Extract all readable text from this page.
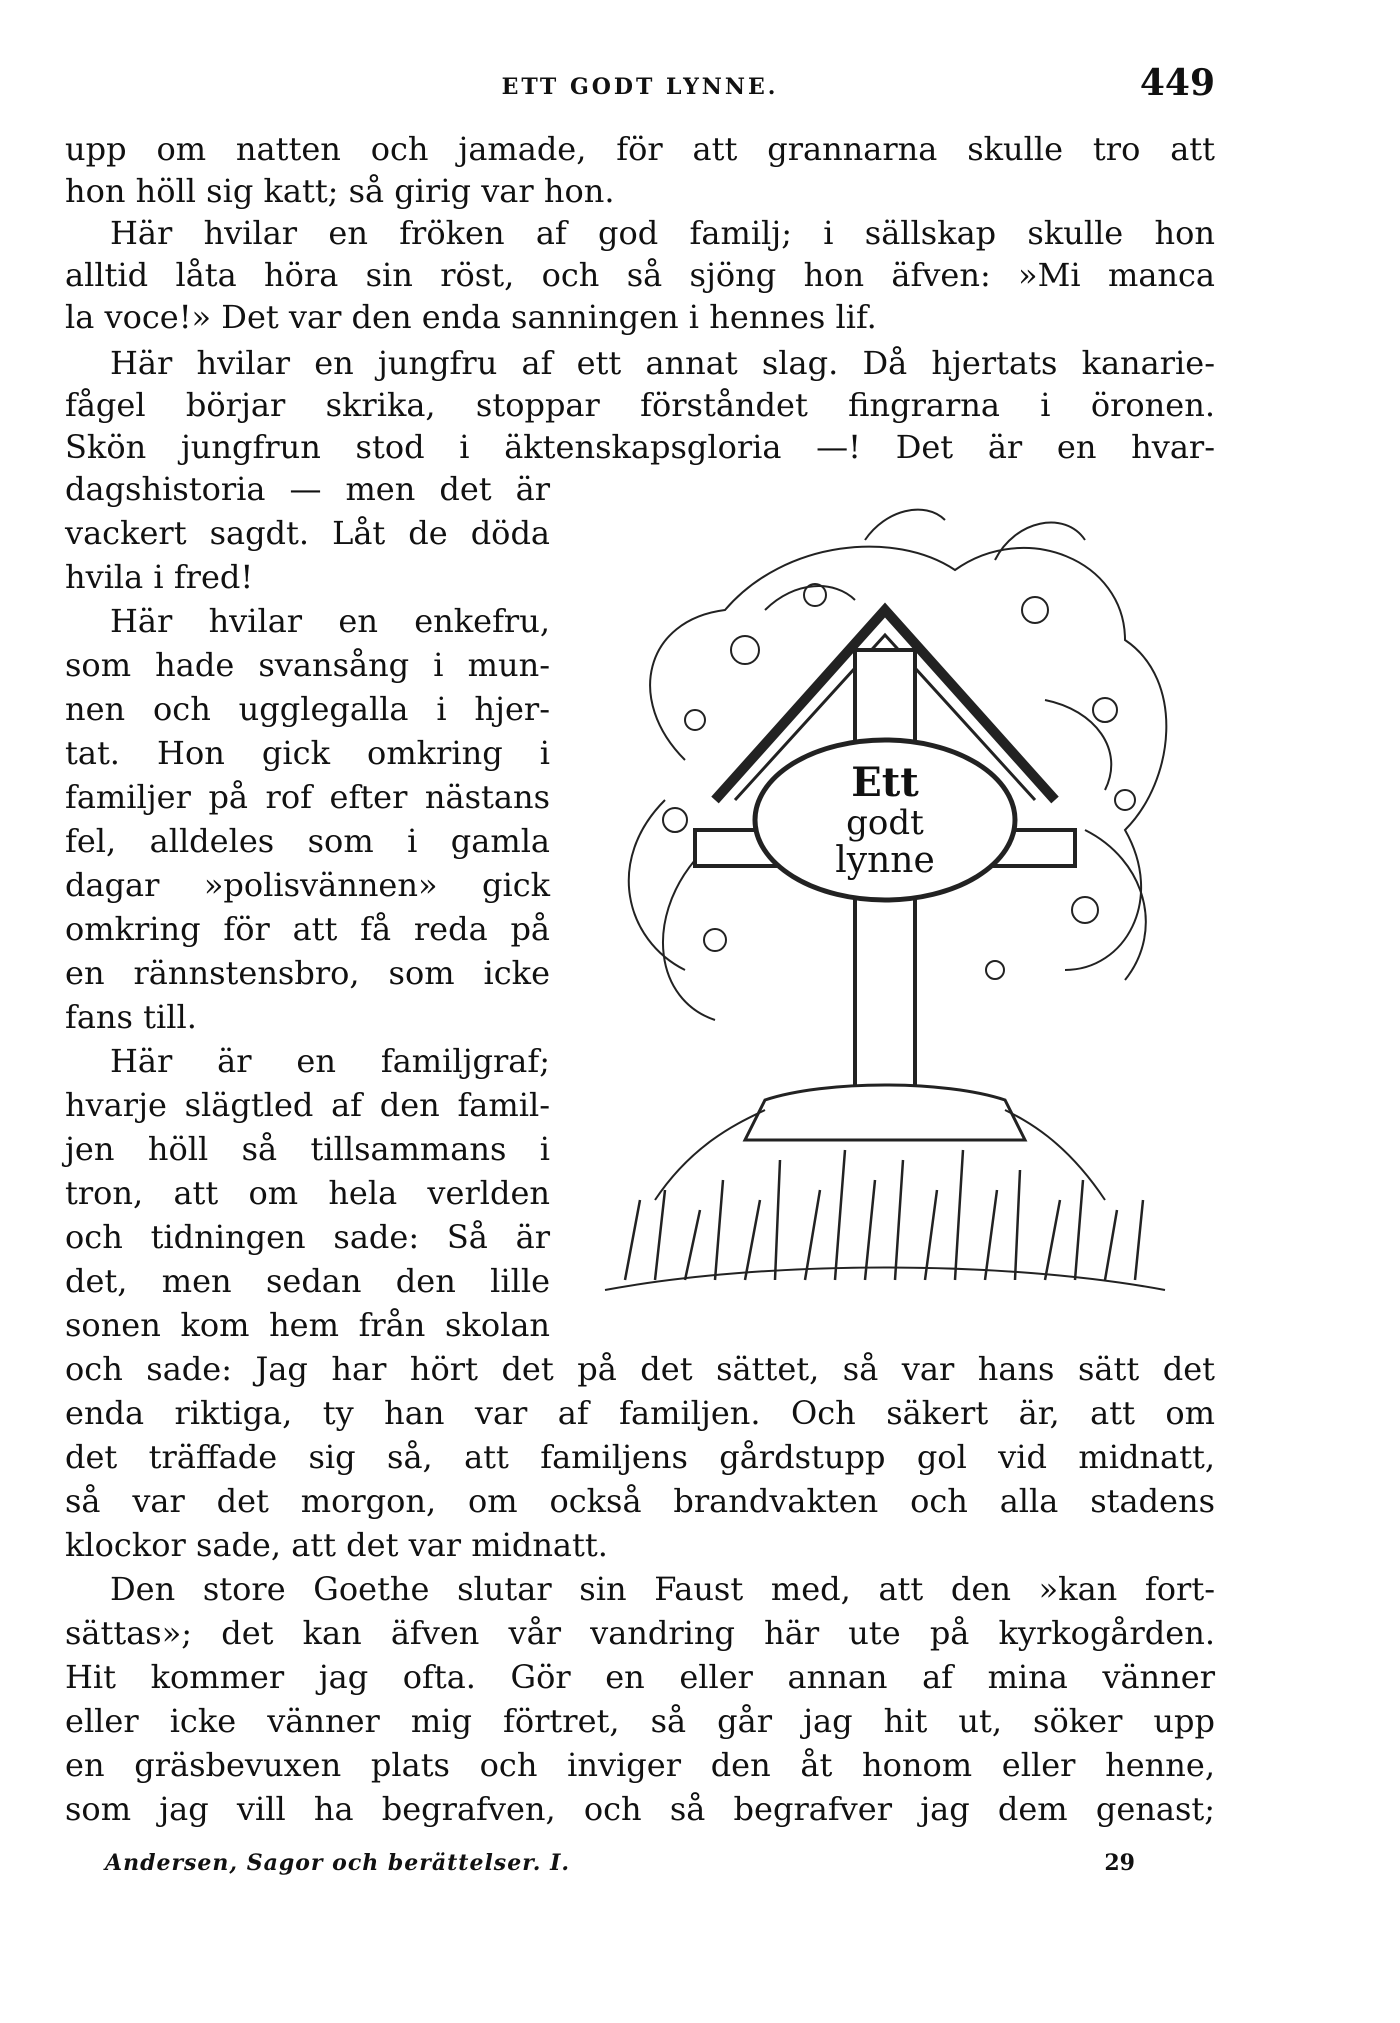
ETT GODT LYNNE.	449
upp om natten och jamade, för att grannarna skulle tro att
hon höll sig katt; så girig var hon.
Här hvilar en fröken af god familj; i sällskap skulle hon
alltid låta höra sin röst, och så sjöng hon äfven: »Mi manca
la voce!» Det var den enda sanningen i hennes lif.
Här hvilar en jungfru af ett annat slag. Då hjertats kanarie-
fågel börjar skrika, stoppar förståndet fingrarna i öronen.
Skön jungfrun stod i äktenskapsgloria —! Det är en hvar-
dagshistoria — men det är
vackert sagdt. Låt de döda
hvila i fred!
Här hvilar en enkefru,
som hade svansång i mun-
nen och ugglegalla i hjer-
tat. Hon gick omkring i
familjer på rof efter nästans
fel, alldeles som i gamla
dagar »polisvännen» gick
omkring för att få reda på
en rännstensbro, som icke
fans till.
Här är en familjgraf;
hvarje slägtled af den famil-
jen höll så tillsammans i
tron, att om hela verlden
och tidningen sade: Så är
det, men sedan den lille
sonen kom hem från skolan
och sade: Jag har hört det på det sättet, så var hans sätt det
enda riktiga, ty han var af familjen. Och säkert är, att om
det träffade sig så, att familjens gårdstupp gol vid midnatt,
så var det morgon, om också brandvakten och alla stadens
klockor sade, att det var midnatt.
Den store Goethe slutar sin Faust med, att den »kan fort-
sättas»; det kan äfven vår vandring här ute på kyrkogården.
Hit kommer jag ofta. Gör en eller annan af mina vänner
eller icke vänner mig förtret, så går jag hit ut, söker upp
en gräsbevuxen plats och inviger den åt honom eller henne,
som jag vill ha begrafven, och så begrafver jag dem genast;
Ett
godt
lynne
Andersen, Sagor och berättelser. I.	29
